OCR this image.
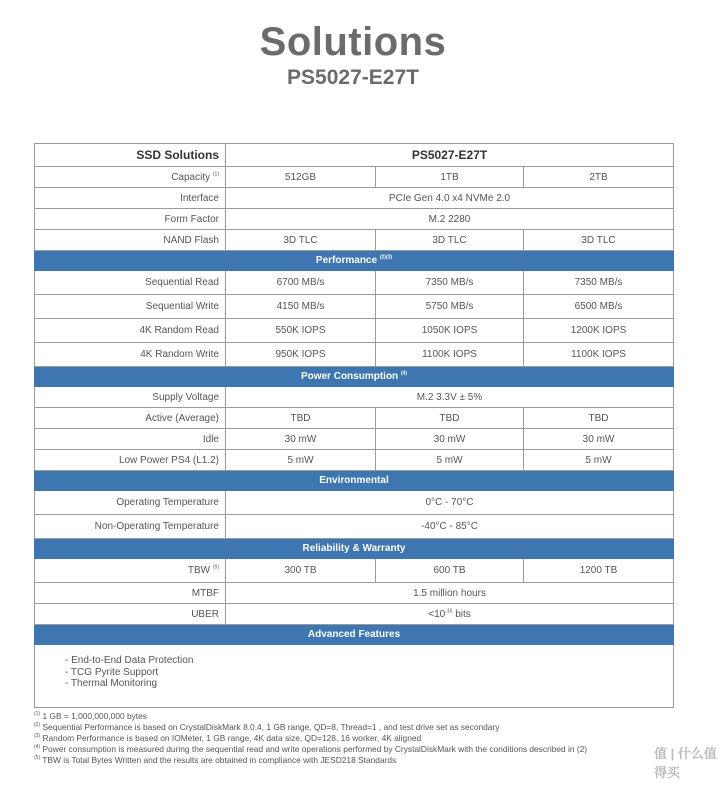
Solutions
PS5027-E27T
SSD Solutions	PS5027-E27T		
Capacity $^{(1)}$	512GB	1TB	2TB
Interface	PCIe Gen 4.0 x4 NVMe 2.0		
Form Factor	M.2 2280		
NAND Flash	3D TLC	3D TLC	3D TLC
Performance $^{(2)(3)}$
Sequential Read	6700 MB/s	7350 MB/s	7350 MB/s
Sequential Write	4150 MB/s	5750 MB/s	6500 MB/s
4K Random Read	550K IOPS	1050K IOPS	1200K IOPS
4K Random Write	950K IOPS	1100K IOPS	1100K IOPS
Power Consumption $^{(4)}$
Supply Voltage	M.2 3.3V ± 5%		
Active (Average)	TBD	TBD	TBD
Idle	30 mW	30 mW	30 mW
Low Power PS4 (L1.2)	5 mW	5 mW	5 mW
Environmental			
Operating Temperature	0°C - 70°C		
Non-Operating Temperature	-40°C - 85°C		
Reliability & Warranty			
TBW $^{(5)}$	300 TB	600 TB	1200 TB
MTBF	1.5 million hours		
UBER	$<10^{-16}$ bits		
Advanced Features			

- End-to-End Data Protection
- TCG Pyrite Support
- Thermal Monitoring			
$^{(1)}$ 1 GB = 1,000,000,000 bytes
$^{(2)}$ Sequential Performance is based on CrystalDiskMark 8.0.4, 1 GB range, QD=8, Thread=1 , and test drive set as secondary
$^{(3)}$ Random Performance is based on IOMeter, 1 GB range, 4K data size, QD=128, 16 worker, 4K aligned
$^{(4)}$ Power consumption is measured during the sequential read and write operations performed by CrystalDiskMark with the conditions described in (2)
$^{(5)}$ TBW is Total Bytes Written and the results are obtained in compliance with JESD218 Standards	值 | 什么值得买
